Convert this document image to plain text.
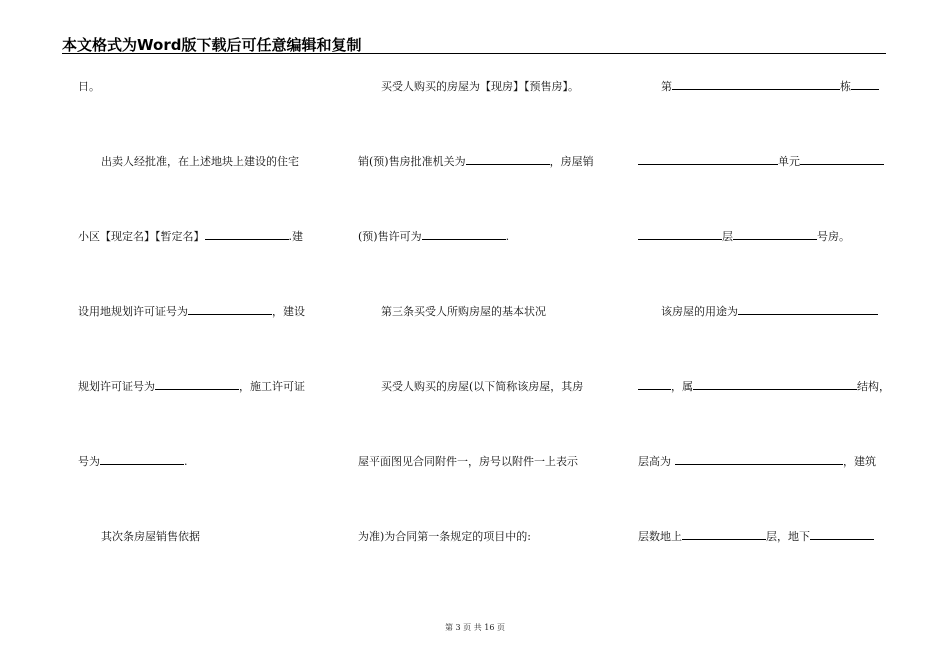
本文格式为Word版下载后可任意编辑和复制
日。
出卖人经批准，在上述地块上建设的住宅
小区【现定名】【暂定名】	.建
设用地规划许可证号为	，建设
规划许可证号为	，施工许可证
号为	.
其次条房屋销售依据
买受人购买的房屋为【现房】【预售房】。
销(预)售房批准机关为	，房屋销
(预)售许可为	.
第三条买受人所购房屋的基本状况
买受人购买的房屋(以下简称该房屋，其房
屋平面图见合同附件一，房号以附件一上表示
为准)为合同第一条规定的项目中的:
第	栋
单元
层	号房。
该房屋的用途为
，属	结构，
层高为	，建筑
层数地上	层，地下
第 3 页 共 16 页
